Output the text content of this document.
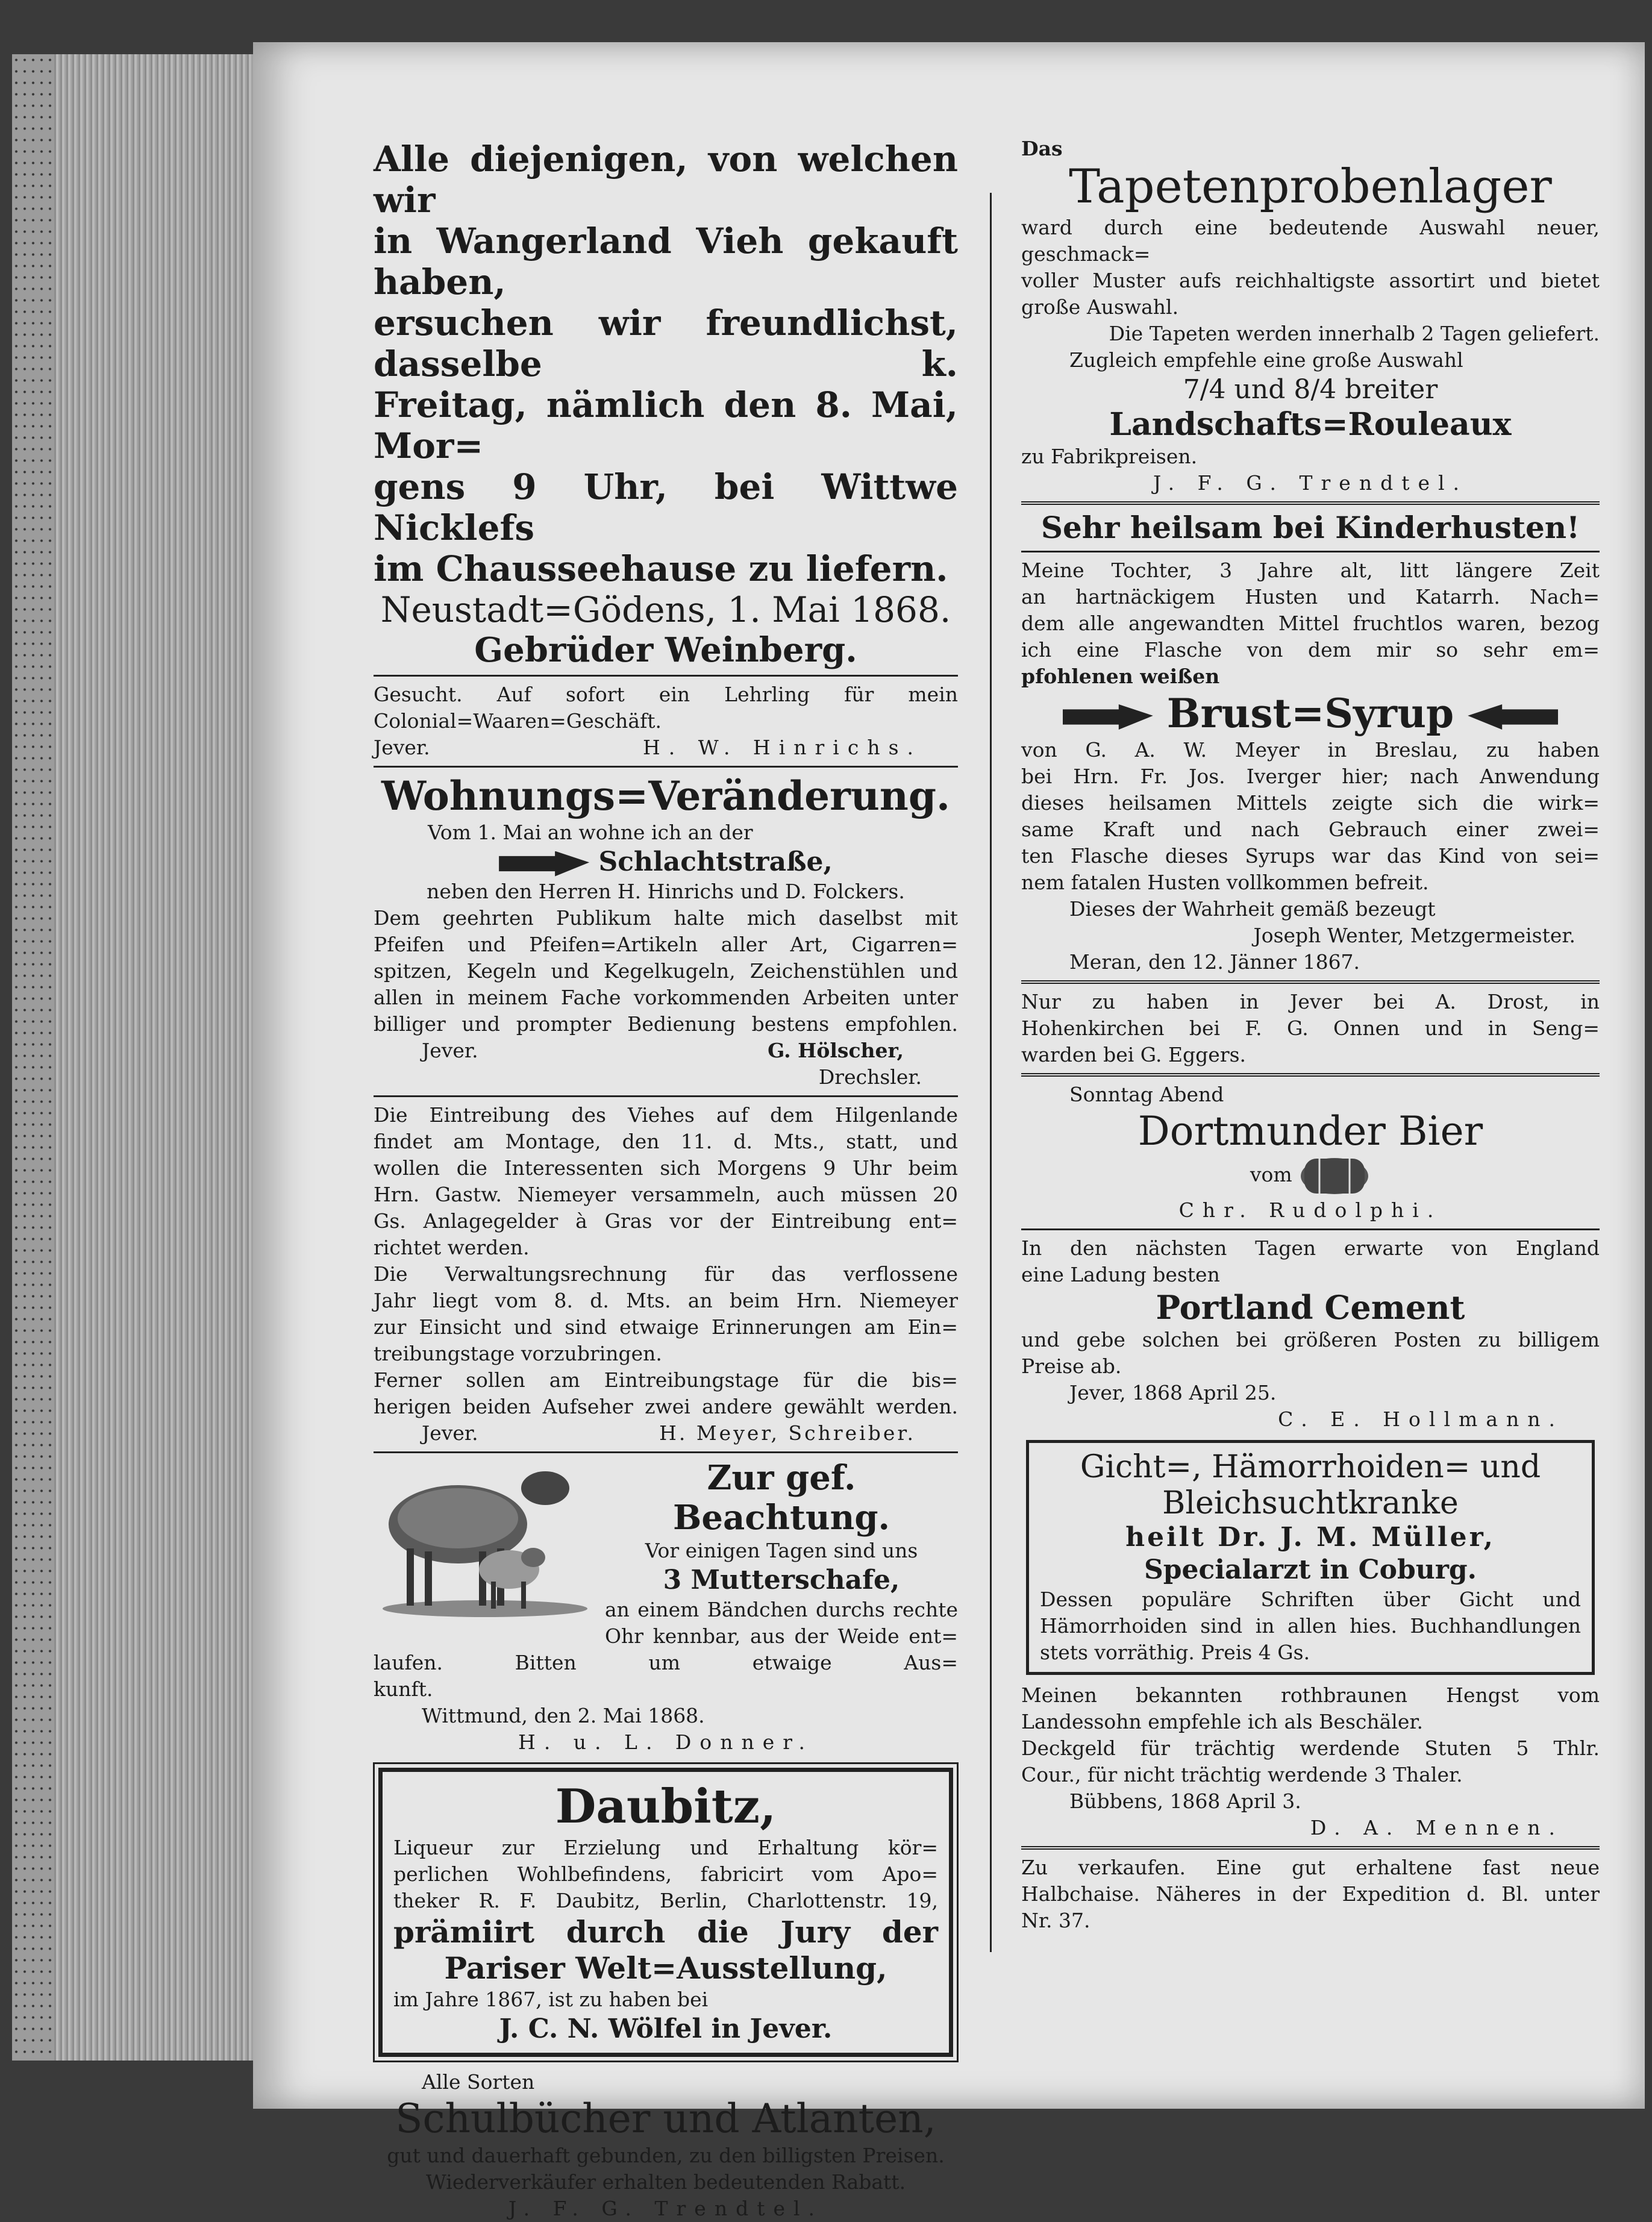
Alle diejenigen, von welchen wir
in Wangerland Vieh gekauft haben,
ersuchen wir freundlichst, dasselbe k.
Freitag, nämlich den 8. Mai, Mor=
gens 9 Uhr, bei Wittwe Nicklefs
im Chausseehause zu liefern.
Neustadt=Gödens, 1. Mai 1868.
Gebrüder Weinberg.
Gesucht. Auf sofort ein Lehrling für mein
Colonial=Waaren=Geschäft.
Jever.	H. W. Hinrichs.
Wohnungs=Veränderung.
Vom 1. Mai an wohne ich an der
Schlachtstraße,
neben den Herren H. Hinrichs und D. Folckers.
Dem geehrten Publikum halte mich daselbst mit
Pfeifen und Pfeifen=Artikeln aller Art, Cigarren=
spitzen, Kegeln und Kegelkugeln, Zeichenstühlen und
allen in meinem Fache vorkommenden Arbeiten unter
billiger und prompter Bedienung bestens empfohlen.
Jever.	G. Hölscher,
Drechsler.
Die Eintreibung des Viehes auf dem Hilgenlande
findet am Montage, den 11. d. Mts., statt, und
wollen die Interessenten sich Morgens 9 Uhr beim
Hrn. Gastw. Niemeyer versammeln, auch müssen 20
Gs. Anlagegelder à Gras vor der Eintreibung ent=
richtet werden.
Die Verwaltungsrechnung für das verflossene
Jahr liegt vom 8. d. Mts. an beim Hrn. Niemeyer
zur Einsicht und sind etwaige Erinnerungen am Ein=
treibungstage vorzubringen.
Ferner sollen am Eintreibungstage für die bis=
herigen beiden Aufseher zwei andere gewählt werden.
Jever.	H. Meyer, Schreiber.
Zur gef. Beachtung.
Vor einigen Tagen sind uns
3 Mutterschafe,
an einem Bändchen durchs rechte
Ohr kennbar, aus der Weide ent=
laufen. Bitten um etwaige Aus=
kunft.
Wittmund, den 2. Mai 1868.
H. u. L. Donner.
Daubitz,
Liqueur zur Erzielung und Erhaltung kör=
perlichen Wohlbefindens, fabricirt vom Apo=
theker R. F. Daubitz, Berlin, Charlottenstr. 19,
prämiirt durch die Jury der
Pariser Welt=Ausstellung,
im Jahre 1867, ist zu haben bei
J. C. N. Wölfel in Jever.
Alle Sorten
Schulbücher und Atlanten,
gut und dauerhaft gebunden, zu den billigsten Preisen.
Wiederverkäufer erhalten bedeutenden Rabatt.
J. F. G. Trendtel.
Das
Tapetenprobenlager
ward durch eine bedeutende Auswahl neuer, geschmack=
voller Muster aufs reichhaltigste assortirt und bietet
große Auswahl.
Die Tapeten werden innerhalb 2 Tagen geliefert.
Zugleich empfehle eine große Auswahl
7/4 und 8/4 breiter
Landschafts=Rouleaux
zu Fabrikpreisen.
J. F. G. Trendtel.
Sehr heilsam bei Kinderhusten!
Meine Tochter, 3 Jahre alt, litt längere Zeit
an hartnäckigem Husten und Katarrh. Nach=
dem alle angewandten Mittel fruchtlos waren, bezog
ich eine Flasche von dem mir so sehr em=
pfohlenen weißen
Brust=Syrup
von G. A. W. Meyer in Breslau, zu haben
bei Hrn. Fr. Jos. Iverger hier; nach Anwendung
dieses heilsamen Mittels zeigte sich die wirk=
same Kraft und nach Gebrauch einer zwei=
ten Flasche dieses Syrups war das Kind von sei=
nem fatalen Husten vollkommen befreit.
Dieses der Wahrheit gemäß bezeugt
Joseph Wenter, Metzgermeister.
Meran, den 12. Jänner 1867.
Nur zu haben in Jever bei A. Drost, in
Hohenkirchen bei F. G. Onnen und in Seng=
warden bei G. Eggers.
Sonntag Abend
Dortmunder Bier
vom
Chr. Rudolphi.
In den nächsten Tagen erwarte von England
eine Ladung besten
Portland Cement
und gebe solchen bei größeren Posten zu billigem
Preise ab.
Jever, 1868 April 25.
C. E. Hollmann.
Gicht=, Hämorrhoiden= und
Bleichsuchtkranke
heilt Dr. J. M. Müller,
Specialarzt in Coburg.
Dessen populäre Schriften über Gicht und
Hämorrhoiden sind in allen hies. Buchhandlungen
stets vorräthig. Preis 4 Gs.
Meinen bekannten rothbraunen Hengst vom
Landessohn empfehle ich als Beschäler.
Deckgeld für trächtig werdende Stuten 5 Thlr.
Cour., für nicht trächtig werdende 3 Thaler.
Bübbens, 1868 April 3.
D. A. Mennen.
Zu verkaufen. Eine gut erhaltene fast neue
Halbchaise. Näheres in der Expedition d. Bl. unter
Nr. 37.
